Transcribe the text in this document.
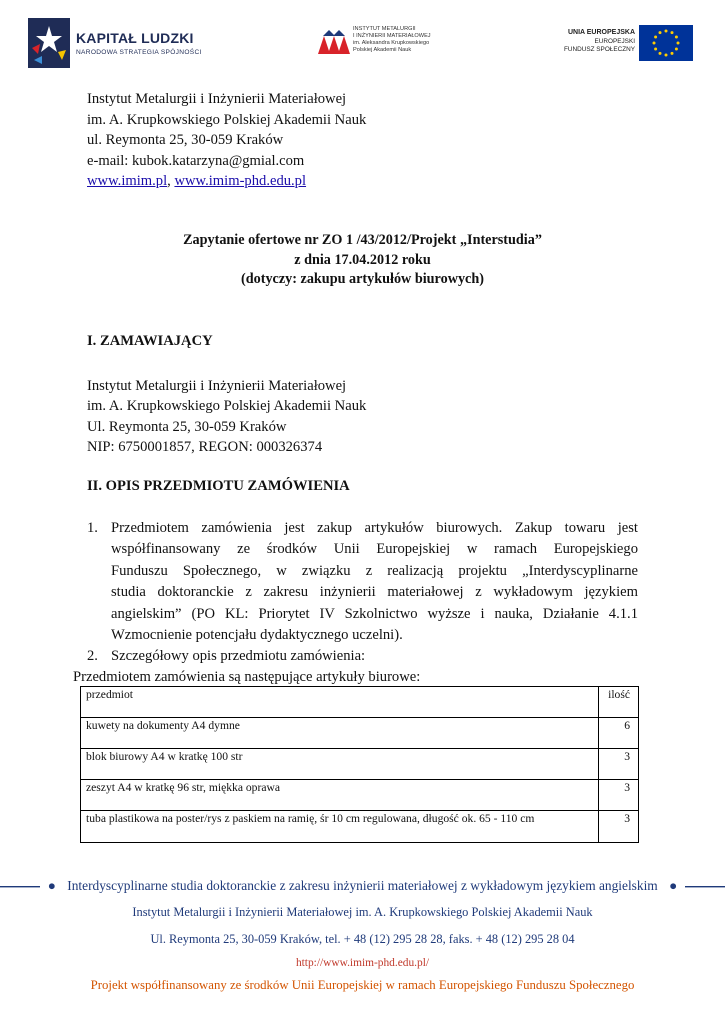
KAPITAŁ LUDZKI
NARODOWA STRATEGIA SPÓJNOŚCI
INSTYTUT METALURGII
I INŻYNIERII MATERIAŁOWEJ
im. Aleksandra Krupkowskiego
Polskiej Akademii Nauk
UNIA EUROPEJSKA
EUROPEJSKI
FUNDUSZ SPOŁECZNY
Instytut Metalurgii i Inżynierii Materiałowej
im. A. Krupkowskiego Polskiej Akademii Nauk
ul. Reymonta 25, 30-059 Kraków
e-mail: kubok.katarzyna@gmial.com
www.imim.pl, www.imim-phd.edu.pl
Zapytanie ofertowe nr ZO 1 /43/2012/Projekt „Interstudia”
z dnia 17.04.2012 roku
(dotyczy: zakupu artykułów biurowych)
I. ZAMAWIAJĄCY
Instytut Metalurgii i Inżynierii Materiałowej
im. A. Krupkowskiego Polskiej Akademii Nauk
Ul. Reymonta 25, 30-059 Kraków
NIP: 6750001857, REGON: 000326374
II. OPIS PRZEDMIOTU ZAMÓWIENIA
1. Przedmiotem zamówienia jest zakup artykułów biurowych. Zakup towaru jest
współfinansowany ze środków Unii Europejskiej w ramach Europejskiego
Funduszu Społecznego, w związku z realizacją projektu „Interdyscyplinarne
studia doktoranckie z zakresu inżynierii materiałowej z wykładowym językiem
angielskim” (PO KL: Priorytet IV Szkolnictwo wyższe i nauka, Działanie 4.1.1
Wzmocnienie potencjału dydaktycznego uczelni).
2. Szczegółowy opis przedmiotu zamówienia:
Przedmiotem zamówienia są następujące artykuły biurowe:
przedmiot	ilość
kuwety na dokumenty A4 dymne	6
blok biurowy A4 w kratkę 100 str	3
zeszyt A4 w kratkę 96 str, miękka oprawa	3
tuba plastikowa na poster/rys z paskiem na ramię, śr 10 cm regulowana, długość ok. 65 - 110 cm	3
● Interdyscyplinarne studia doktoranckie z zakresu inżynierii materiałowej z wykładowym językiem angielskim ●
Instytut Metalurgii i Inżynierii Materiałowej im. A. Krupkowskiego Polskiej Akademii Nauk
Ul. Reymonta 25, 30-059 Kraków, tel. + 48 (12) 295 28 28, faks. + 48 (12) 295 28 04
http://www.imim-phd.edu.pl/
Projekt współfinansowany ze środków Unii Europejskiej w ramach Europejskiego Funduszu Społecznego
